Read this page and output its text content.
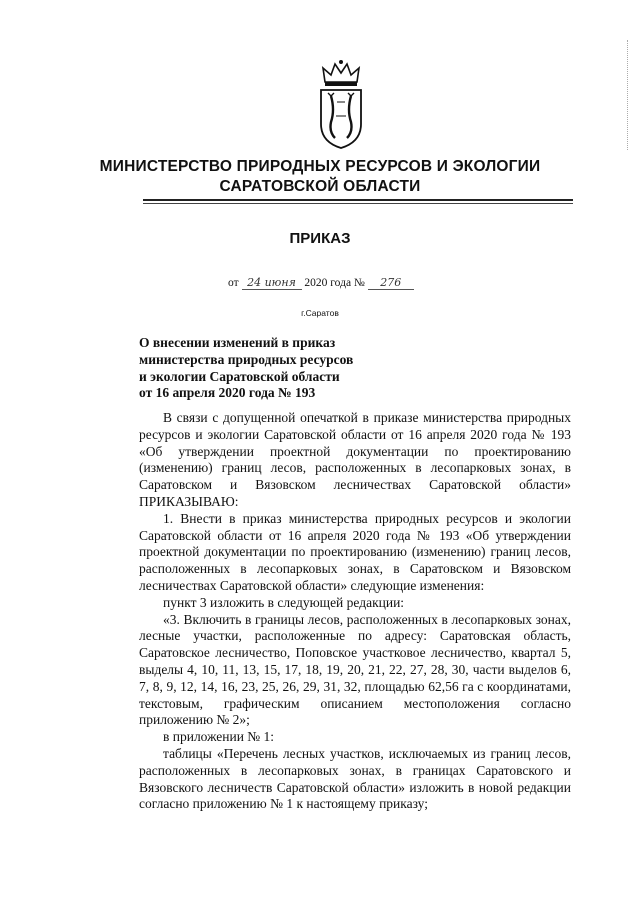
МИНИСТЕРСТВО ПРИРОДНЫХ РЕСУРСОВ И ЭКОЛОГИИ
САРАТОВСКОЙ ОБЛАСТИ
ПРИКАЗ
от 24 июня 2020 года № 276
г.Саратов
О внесении изменений в приказ
министерства природных ресурсов
и экологии Саратовской области
от 16 апреля 2020 года № 193

В связи с допущенной опечаткой в приказе министерства природных ресурсов и экологии Саратовской области от 16 апреля 2020 года № 193 «Об утверждении проектной документации по проектированию (изменению) границ лесов, расположенных в лесопарковых зонах, в Саратовском и Вязовском лесничествах Саратовской области» ПРИКАЗЫВАЮ:

1. Внести в приказ министерства природных ресурсов и экологии Саратовской области от 16 апреля 2020 года № 193 «Об утверждении проектной документации по проектированию (изменению) границ лесов, расположенных в лесопарковых зонах, в Саратовском и Вязовском лесничествах Саратовской области» следующие изменения:

пункт 3 изложить в следующей редакции:

«3. Включить в границы лесов, расположенных в лесопарковых зонах, лесные участки, расположенные по адресу: Саратовская область, Саратовское лесничество, Поповское участковое лесничество, квартал 5, выделы 4, 10, 11, 13, 15, 17, 18, 19, 20, 21, 22, 27, 28, 30, части выделов 6, 7, 8, 9, 12, 14, 16, 23, 25, 26, 29, 31, 32, площадью 62,56 га с координатами, текстовым, графическим описанием местоположения согласно приложению № 2»;

в приложении № 1:

таблицы «Перечень лесных участков, исключаемых из границ лесов, расположенных в лесопарковых зонах, в границах Саратовского и Вязовского лесничеств Саратовской области» изложить в новой редакции согласно приложению № 1 к настоящему приказу;
